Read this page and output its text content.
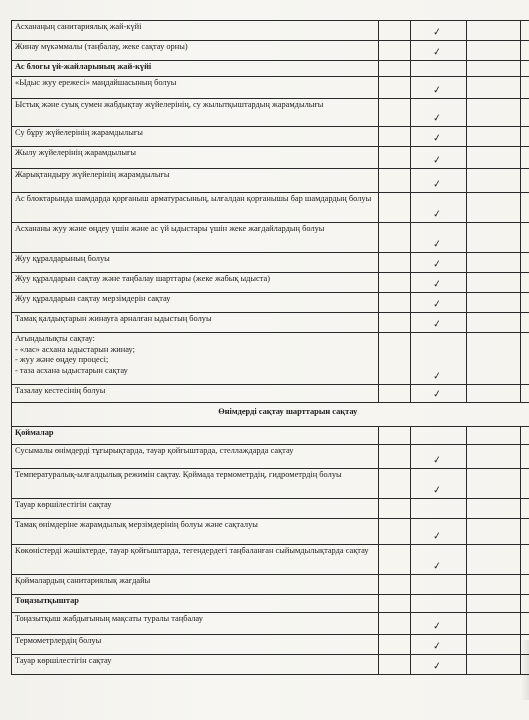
Асханаңың санитариялық жай-күйі		✓		

Жинау мүкәммалы (таңбалау, жеке сақтау орны)		✓		

Ас блогы үй-жайларының жай-күйі				
«Ыдыс жуу ережесі» маңдайшасының болуы		✓		

Ыстық және суық сумен жабдықтау жүйелерінің, су жылытқыштардың жарамдылығы		✓		

Су бұру жүйелерінің жарамдылығы		✓		

Жылу жүйелерінің жарамдылығы		✓		

Жарықтандыру жүйелерінің жарамдылығы		✓		

Ас блоктарында шамдарда қорғаныш арматурасының, ылғалдан қорғанышы бар шамдардың болуы		✓		

Асхананы жуу және өңдеу үшін және ас үй ыдыстары үшін жеке жағдайлардың болуы		✓		

Жуу құралдарының болуы		✓		

Жуу құралдарын сақтау және таңбалау шарттары (жеке жабық ыдыста)		✓		

Жуу құралдарын сақтау мерзімдерін сақтау		✓		

Тамақ қалдықтарын жинауға арналған ыдыстың болуы		✓		

Ағындылықты сақтау:
- «лас» асхана ыдыстарын жинау;
- жуу және өңдеу процесі;
- таза асхана ыдыстарын сақтау		✓		

Тазалау кестесінің болуы		✓		

Өнімдерді сақтау шарттарын сақтау				
Қоймалар				
Сусымалы өнімдерді тұғырықтарда, тауар қойғыштарда, стеллаждарда сақтау		✓		

Температуралық-ылғалдылық режимін сақтау. Қоймада термометрдің, гидрометрдің болуы		✓		

Тауар көршілестігін сақтау				
Тамақ өнімдеріне жарамдылық мерзімдерінің болуы және сақталуы		✓		

Көкөністерді жәшіктерде, тауар қойғыштарда, тегендердегі таңбаланған сыйымдылықтарда сақтау		✓		

Қоймалардың санитариялық жағдайы				
Тоңазытқыштар				
Тоңазытқыш жабдығының мақсаты туралы таңбалау		✓		

Термометрлердің болуы		✓		

Тауар көршілестігін сақтау		✓		
